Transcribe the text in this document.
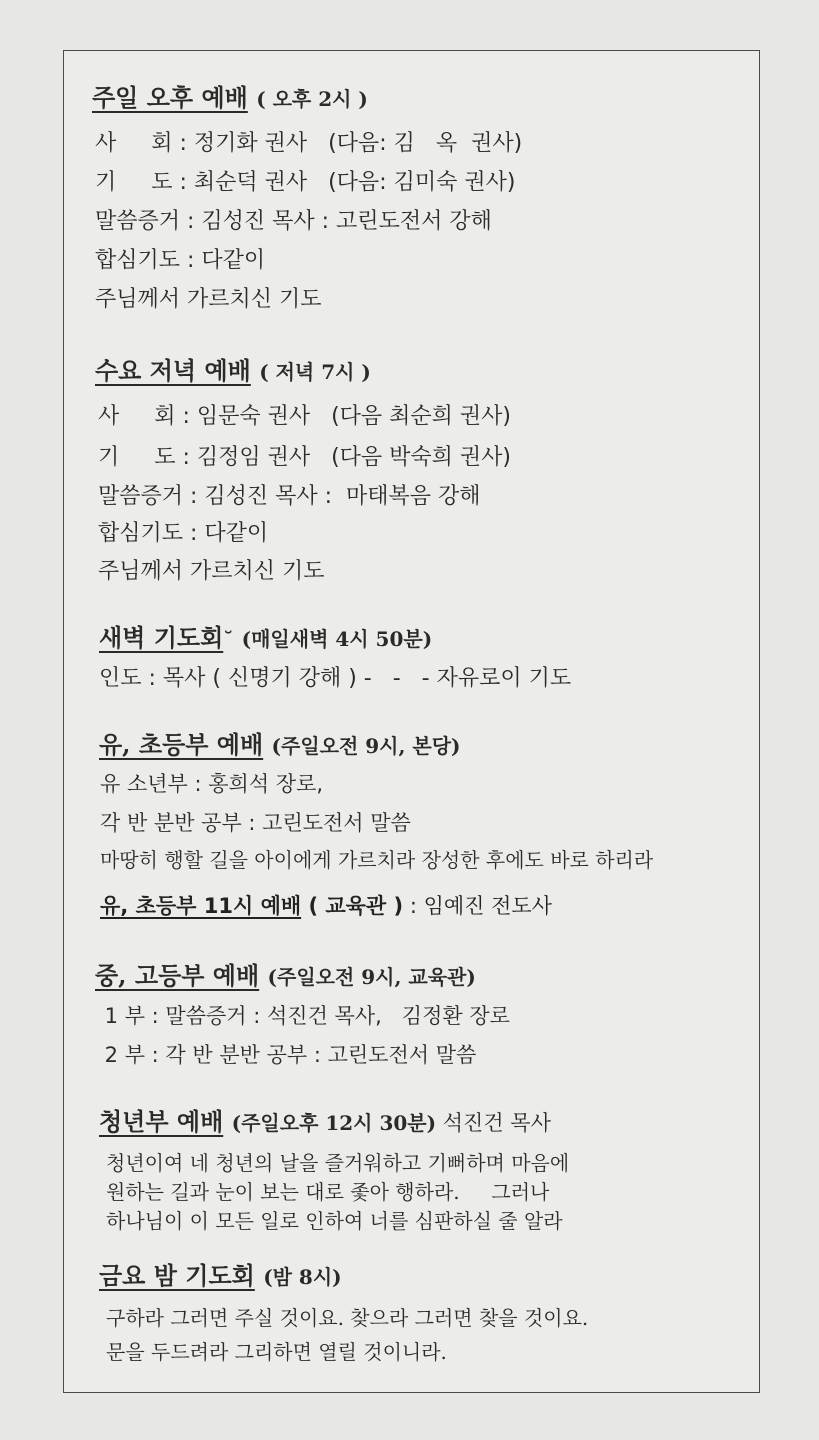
주일 오후 예배 ( 오후 2시 )
사     회 : 정기화 권사   (다음: 김   옥  권사)
기     도 : 최순덕 권사   (다음: 김미숙 권사)
말씀증거 : 김성진 목사 : 고린도전서 강해
합심기도 : 다같이
주님께서 가르치신 기도
수요 저녁 예배 ( 저녁 7시 )
사     회 : 임문숙 권사   (다음 최순희 권사)
기     도 : 김정임 권사   (다음 박숙희 권사)
말씀증거 : 김성진 목사 :  마태복음 강해
합심기도 : 다같이
주님께서 가르치신 기도
새벽 기도회˘ (매일새벽 4시 50분)
인도 : 목사 ( 신명기 강해 ) -   -   - 자유로이 기도
유, 초등부 예배 (주일오전 9시, 본당)
유 소년부 : 홍희석 장로,
각 반 분반 공부 : 고린도전서 말씀
마땅히 행할 길을 아이에게 가르치라 장성한 후에도 바로 하리라
유, 초등부 11시 예배 ( 교육관 ) : 임예진 전도사
중, 고등부 예배 (주일오전 9시, 교육관)
1 부 : 말씀증거 : 석진건 목사,   김정환 장로
2 부 : 각 반 분반 공부 : 고린도전서 말씀
청년부 예배 (주일오후 12시 30분) 석진건 목사
청년이여 네 청년의 날을 즐거워하고 기뻐하며 마음에
원하는 길과 눈이 보는 대로 좇아 행하라.     그러나
하나님이 이 모든 일로 인하여 너를 심판하실 줄 알라
금요 밤 기도회 (밤 8시)
구하라 그러면 주실 것이요. 찾으라 그러면 찾을 것이요.
문을 두드려라 그리하면 열릴 것이니라.
